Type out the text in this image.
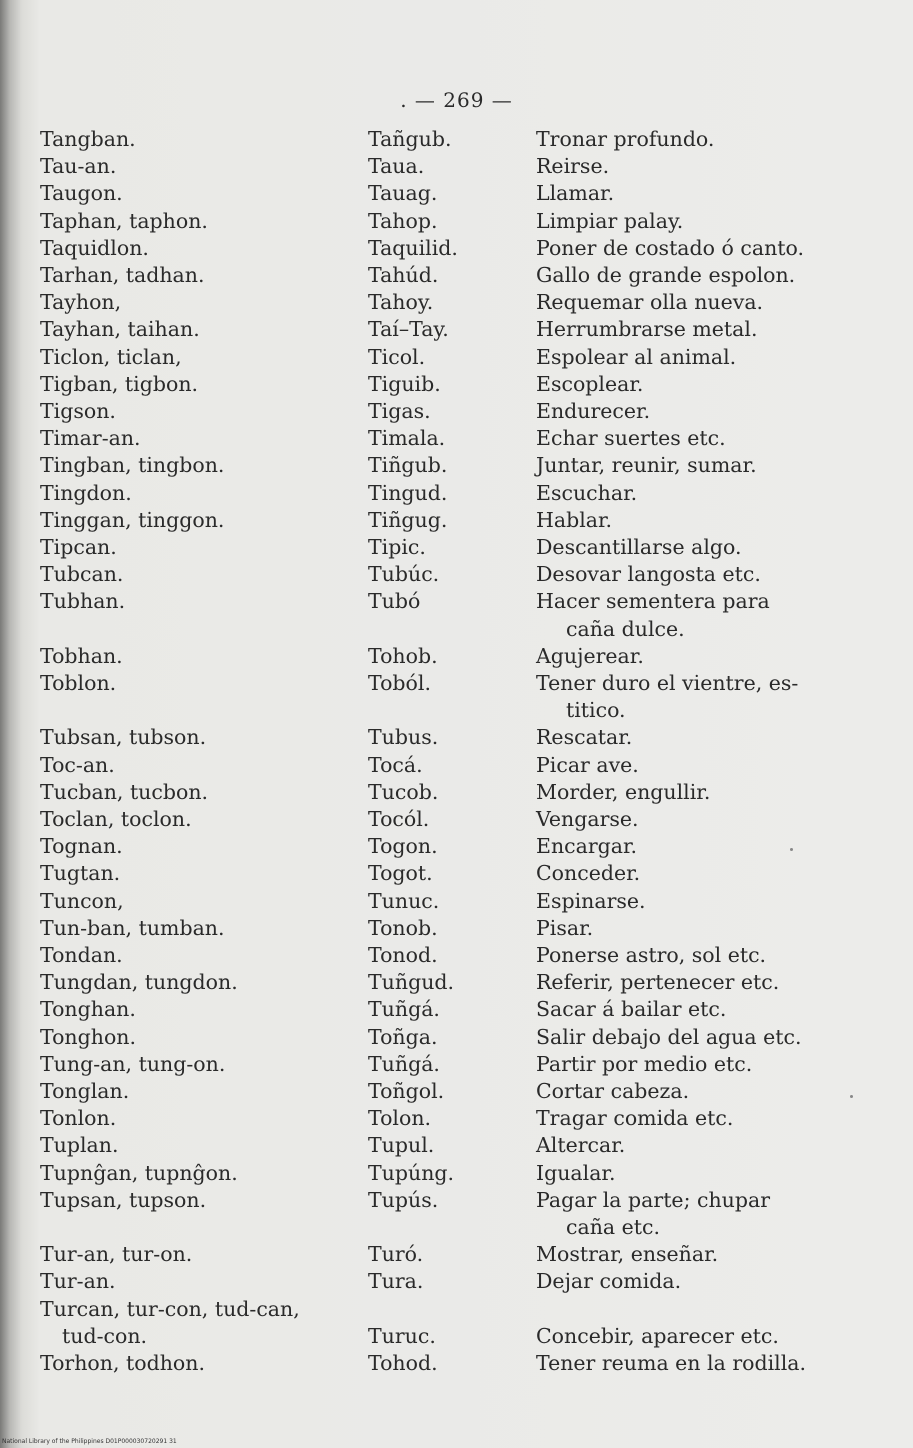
. — 269 —
Tangban.	Tañgub.	Tronar profundo.
Tau-an.	Taua.	Reirse.
Taugon.	Tauag.	Llamar.
Taphan, taphon.	Tahop.	Limpiar palay.
Taquidlon.	Taquilid.	Poner de costado ó canto.
Tarhan, tadhan.	Tahúd.	Gallo de grande espolon.
Tayhon,	Tahoy.	Requemar olla nueva.
Tayhan, taihan.	Taí–Tay.	Herrumbrarse metal.
Ticlon, ticlan,	Ticol.	Espolear al animal.
Tigban, tigbon.	Tiguib.	Escoplear.
Tigson.	Tigas.	Endurecer.
Timar-an.	Timala.	Echar suertes etc.
Tingban, tingbon.	Tiñgub.	Juntar, reunir, sumar.
Tingdon.	Tingud.	Escuchar.
Tinggan, tinggon.	Tiñgug.	Hablar.
Tipcan.	Tipic.	Descantillarse algo.
Tubcan.	Tubúc.	Desovar langosta etc.
Tubhan.	Tubó	Hacer sementera para
caña dulce.
Tobhan.	Tohob.	Agujerear.
Toblon.	Toból.	Tener duro el vientre, es-
titico.
Tubsan, tubson.	Tubus.	Rescatar.
Toc-an.	Tocá.	Picar ave.
Tucban, tucbon.	Tucob.	Morder, engullir.
Toclan, toclon.	Tocól.	Vengarse.
Tognan.	Togon.	Encargar.
Tugtan.	Togot.	Conceder.
Tuncon,	Tunuc.	Espinarse.
Tun-ban, tumban.	Tonob.	Pisar.
Tondan.	Tonod.	Ponerse astro, sol etc.
Tungdan, tungdon.	Tuñgud.	Referir, pertenecer etc.
Tonghan.	Tuñgá.	Sacar á bailar etc.
Tonghon.	Toñga.	Salir debajo del agua etc.
Tung-an, tung-on.	Tuñgá.	Partir por medio etc.
Tonglan.	Toñgol.	Cortar cabeza.
Tonlon.	Tolon.	Tragar comida etc.
Tuplan.	Tupul.	Altercar.
Tupnĝan, tupnĝon.	Tupúng.	Igualar.
Tupsan, tupson.	Tupús.	Pagar la parte; chupar
caña etc.
Tur-an, tur-on.	Turó.	Mostrar, enseñar.
Tur-an.	Tura.	Dejar comida.
Turcan, tur-con, tud-can,
tud-con.	Turuc.	Concebir, aparecer etc.
Torhon, todhon.	Tohod.	Tener reuma en la rodilla.
National Library of the Philippines D01P000030720291 31
